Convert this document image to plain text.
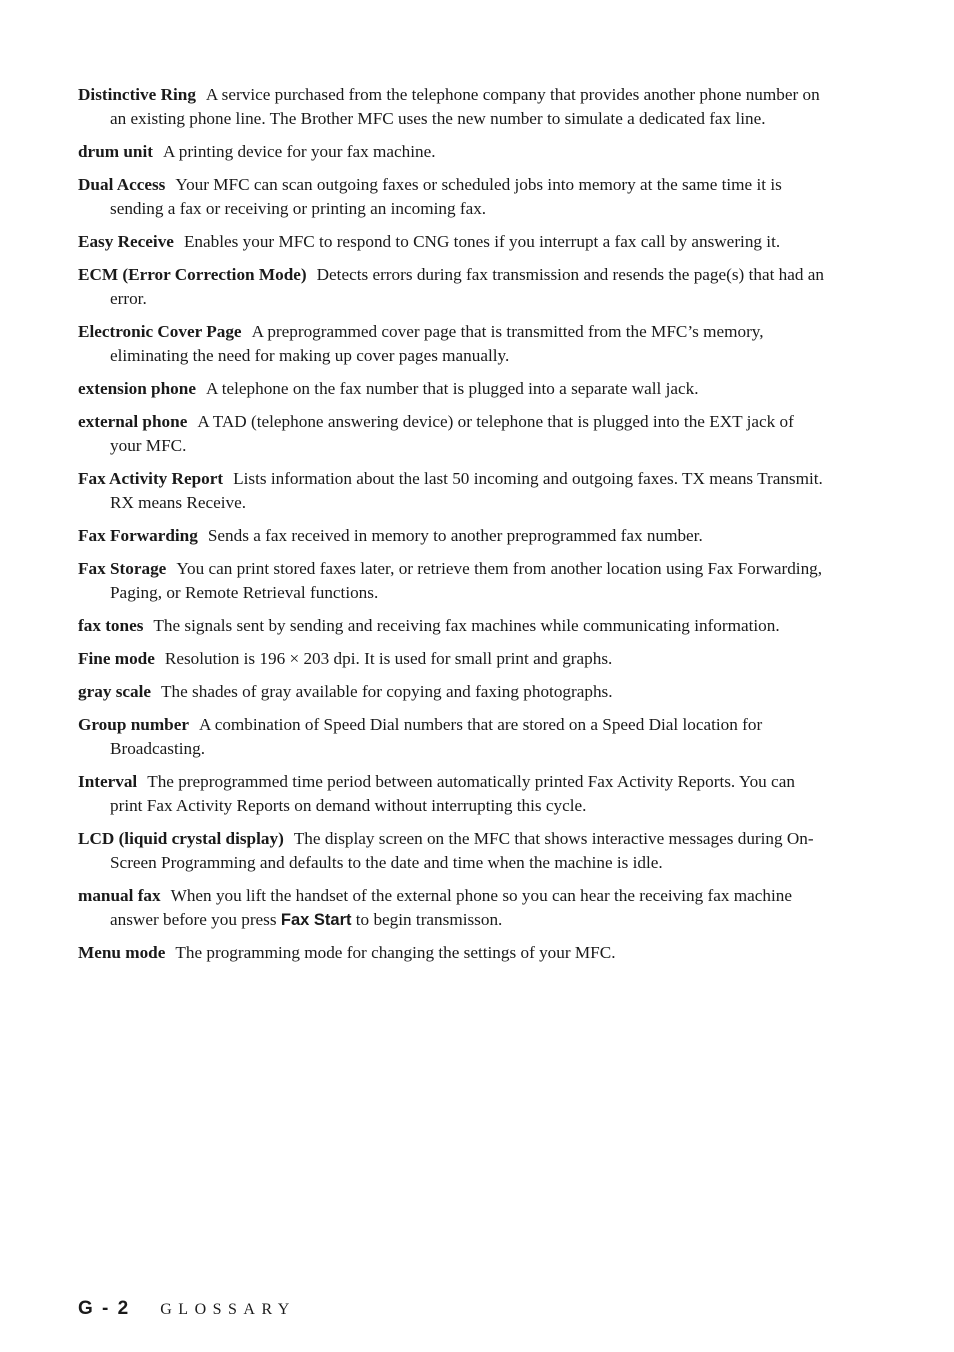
Distinctive Ring A service purchased from the telephone company that provides another phone number on an existing phone line. The Brother MFC uses the new number to simulate a dedicated fax line.

drum unit A printing device for your fax machine.

Dual Access Your MFC can scan outgoing faxes or scheduled jobs into memory at the same time it is sending a fax or receiving or printing an incoming fax.

Easy Receive Enables your MFC to respond to CNG tones if you interrupt a fax call by answering it.

ECM (Error Correction Mode) Detects errors during fax transmission and resends the page(s) that had an error.

Electronic Cover Page A preprogrammed cover page that is transmitted from the MFC’s memory, eliminating the need for making up cover pages manually.

extension phone A telephone on the fax number that is plugged into a separate wall jack.

external phone A TAD (telephone answering device) or telephone that is plugged into the EXT jack of your MFC.

Fax Activity Report Lists information about the last 50 incoming and outgoing faxes. TX means Transmit. RX means Receive.

Fax Forwarding Sends a fax received in memory to another preprogrammed fax number.

Fax Storage You can print stored faxes later, or retrieve them from another location using Fax Forwarding, Paging, or Remote Retrieval functions.

fax tones The signals sent by sending and receiving fax machines while communicating information.

Fine mode Resolution is 196 × 203 dpi. It is used for small print and graphs.

gray scale The shades of gray available for copying and faxing photographs.

Group number A combination of Speed Dial numbers that are stored on a Speed Dial location for Broadcasting.

Interval The preprogrammed time period between automatically printed Fax Activity Reports. You can print Fax Activity Reports on demand without interrupting this cycle.

LCD (liquid crystal display) The display screen on the MFC that shows interactive messages during On-Screen Programming and defaults to the date and time when the machine is idle.

manual fax When you lift the handset of the external phone so you can hear the receiving fax machine answer before you press Fax Start to begin transmisson.

Menu mode The programming mode for changing the settings of your MFC.

G - 2 GLOSSARY
